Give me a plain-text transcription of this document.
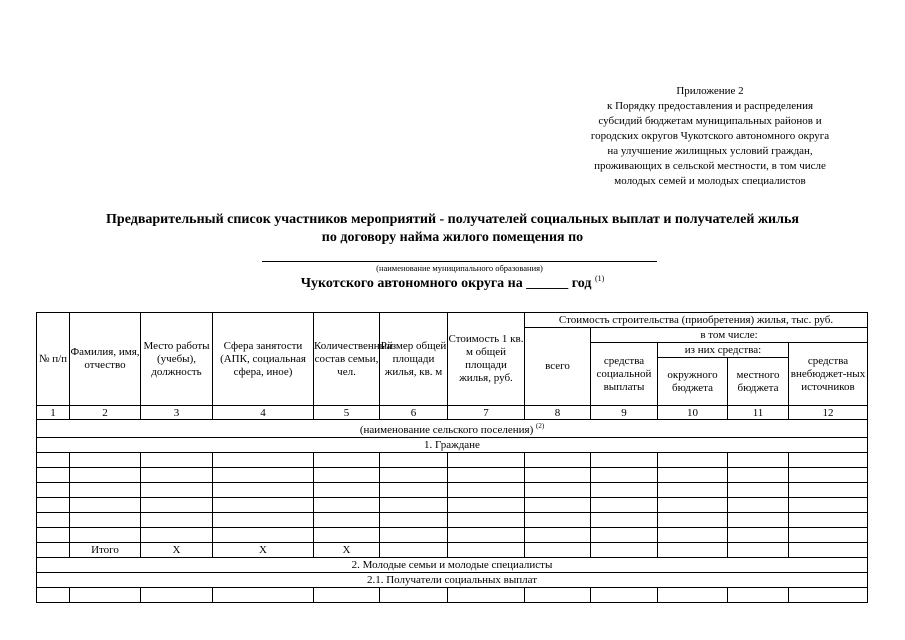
Приложение 2
к Порядку предоставления и распределения
субсидий бюджетам муниципальных районов и
городских округов Чукотского автономного округа
на улучшение жилищных условий граждан,
проживающих в сельской местности, в том числе
молодых семей и молодых специалистов
Предварительный список участников мероприятий - получателей социальных выплат и получателей жилья
по договору найма жилого помещения по
(наименование муниципального образования)
Чукотского автономного округа на ______ год $^{(1)}$
№ п/п	Фамилия, имя, отчество	Место работы (учебы), должность	Сфера занятости (АПК, социальная сфера, иное)	Количественный состав семьи, чел.	Размер общей площади жилья, кв. м	Стоимость 1 кв. м общей площади жилья, руб.	Стоимость строительства (приобретения) жилья, тыс. руб.				
							всего	в том числе:			
								средства социальной выплаты	из них средства:		средства внебюджет-ных источников
									окружного бюджета	местного бюджета	
1	2	3	4	5	6	7	8	9	10	11	12
(наименование сельского поселения) $^{(2)}$
1. Граждане											

	Итого	Х	Х	Х							
2. Молодые семьи и молодые специалисты											
2.1. Получатели социальных выплат											
